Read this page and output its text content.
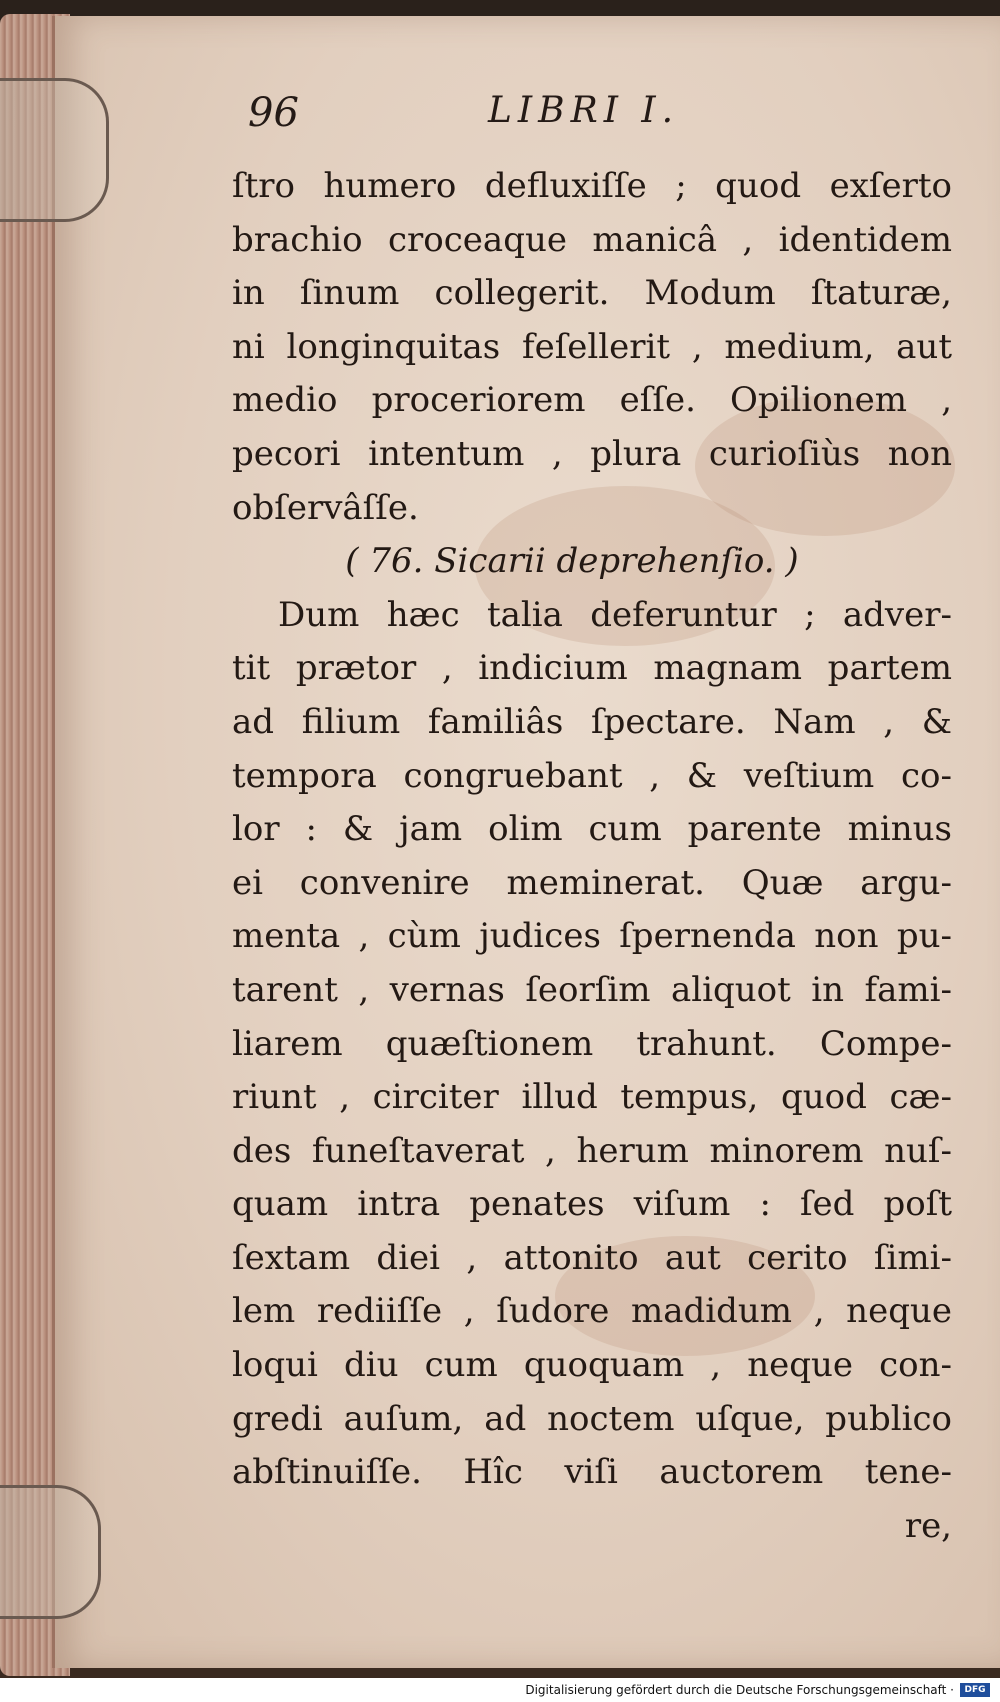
96	LIBRI I.
ſtro humero defluxiſſe ; quod exſerto
brachio croceaque manicâ , identidem
in ſinum collegerit. Modum ſtaturæ,
ni longinquitas feſellerit , medium, aut
medio proceriorem eſſe. Opilionem ,
pecori intentum , plura curioſiùs non
obſervâſſe.
( 76. Sicarii deprehenſio. )
Dum hæc talia deferuntur ; adver-
tit prætor , indicium magnam partem
ad filium familiâs ſpectare. Nam , &
tempora congruebant , & veſtium co-
lor : & jam olim cum parente minus
ei convenire meminerat. Quæ argu-
menta , cùm judices ſpernenda non pu-
tarent , vernas ſeorſim aliquot in fami-
liarem quæſtionem trahunt. Compe-
riunt , circiter illud tempus, quod cæ-
des funeſtaverat , herum minorem nuſ-
quam intra penates viſum : ſed poſt
ſextam diei , attonito aut cerito ſimi-
lem rediiſſe , ſudore madidum , neque
loqui diu cum quoquam , neque con-
gredi auſum, ad noctem uſque, publico
abſtinuiſſe. Hîc viſi auctorem tene-
re,
Digitalisierung gefördert durch die Deutsche Forschungsgemeinschaft ·	DFG
